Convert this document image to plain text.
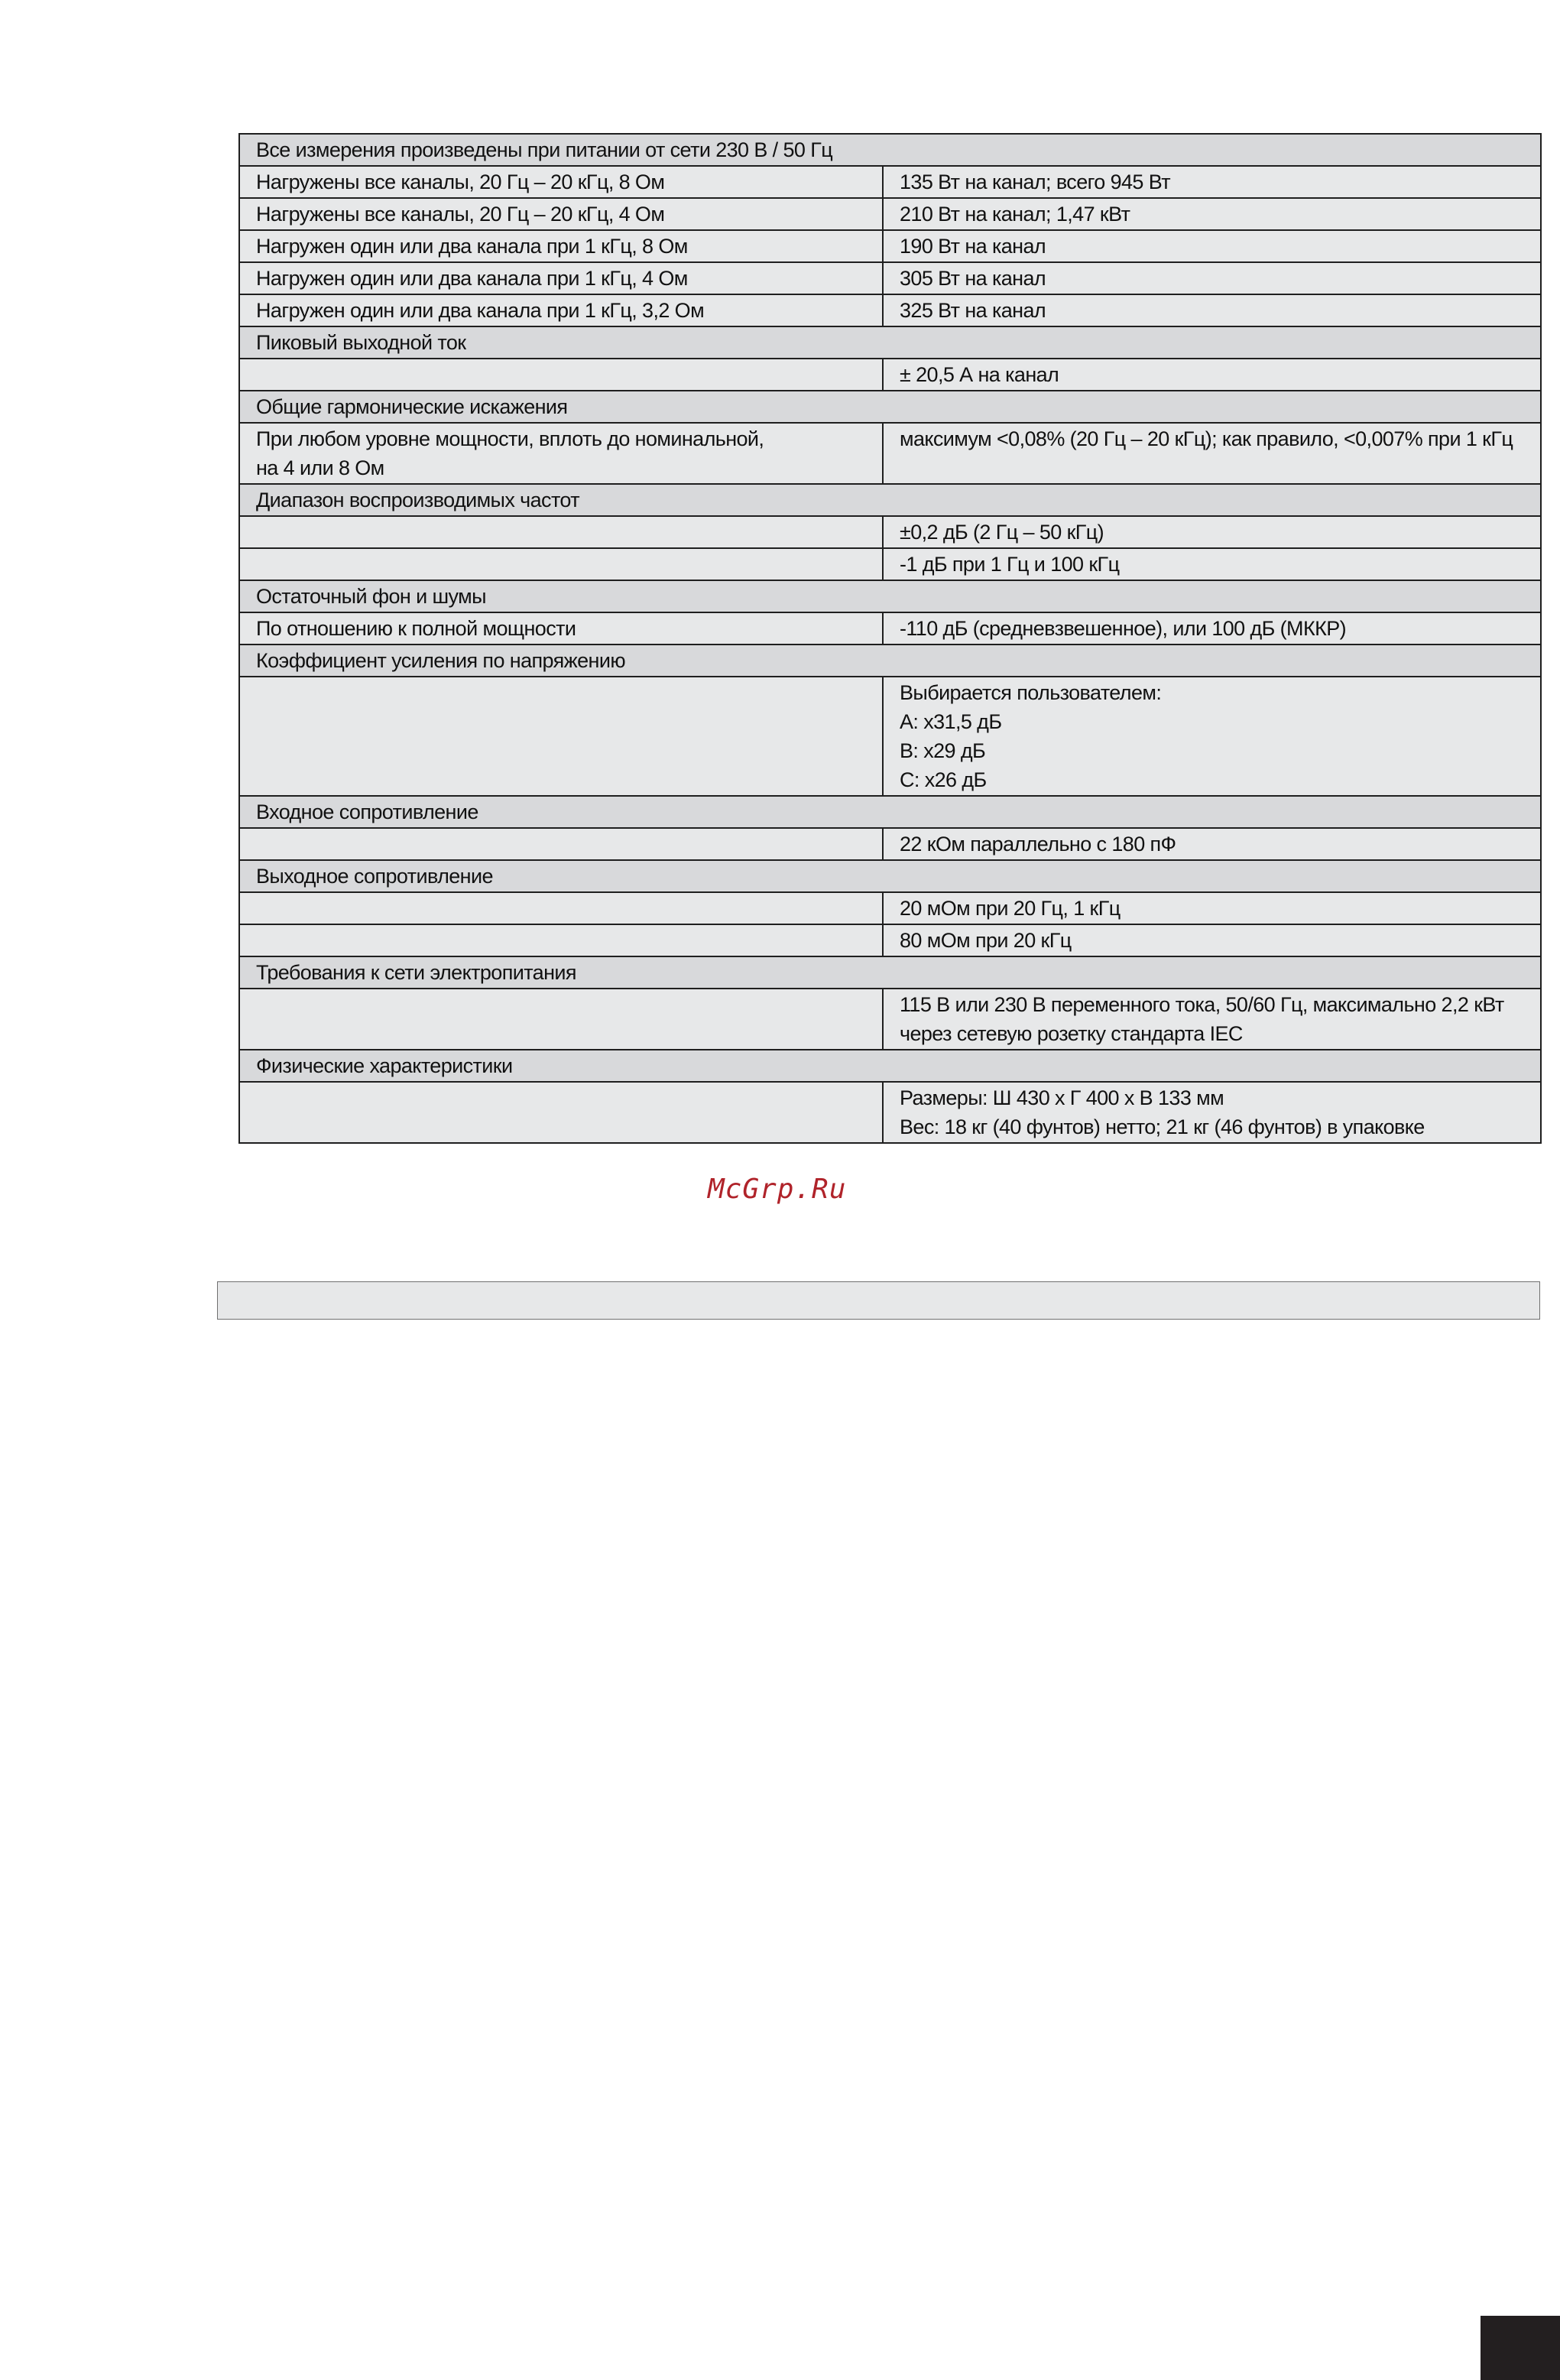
Все измерения произведены при питании от сети 230 В / 50 Гц	
Нагружены все каналы, 20 Гц – 20 кГц, 8 Ом	135 Вт на канал; всего 945 Вт
Нагружены все каналы, 20 Гц – 20 кГц, 4 Ом	210 Вт на канал; 1,47 кВт
Нагружен один или два канала при 1 кГц, 8 Ом	190 Вт на канал
Нагружен один или два канала при 1 кГц, 4 Ом	305 Вт на канал
Нагружен один или два канала при 1 кГц, 3,2 Ом	325 Вт на канал
Пиковый выходной ток	
	± 20,5 А на канал
Общие гармонические искажения	
При любом уровне мощности, вплоть до номинальной,
на 4 или 8 Ом	максимум <0,08% (20 Гц – 20 кГц); как правило, <0,007% при 1 кГц
Диапазон воспроизводимых частот	
	±0,2 дБ (2 Гц – 50 кГц)
	-1 дБ при 1 Гц и 100 кГц
Остаточный фон и шумы	
По отношению к полной мощности	-110 дБ (средневзвешенное), или 100 дБ (МККР)
Коэффициент усиления по напряжению	
	Выбирается пользователем:
A: x31,5 дБ
B: x29 дБ
C: x26 дБ
Входное сопротивление	
	22 кОм параллельно с 180 пФ
Выходное сопротивление	
	20 мОм при 20 Гц, 1 кГц
	80 мОм при 20 кГц
Требования к сети электропитания	
	115 В или 230 В переменного тока, 50/60 Гц, максимально 2,2 кВт
через сетевую розетку стандарта IEC
Физические характеристики	
	Размеры: Ш 430 x Г 400 x В 133 мм
Вес: 18 кг (40 фунтов) нетто; 21 кг (46 фунтов) в упаковке
McGrp.Ru
